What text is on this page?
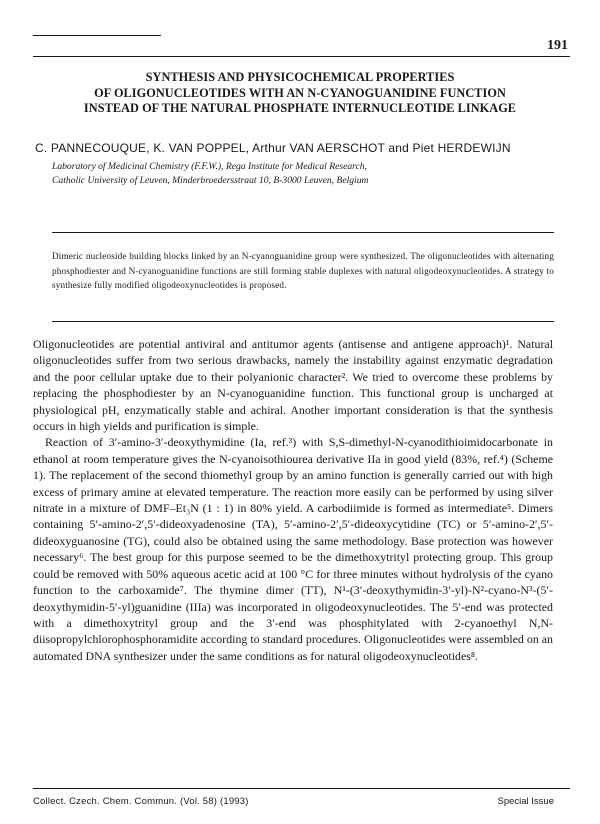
191
SYNTHESIS AND PHYSICOCHEMICAL PROPERTIES
OF OLIGONUCLEOTIDES WITH AN N-CYANOGUANIDINE FUNCTION
INSTEAD OF THE NATURAL PHOSPHATE INTERNUCLEOTIDE LINKAGE
C. PANNECOUQUE, K. VAN POPPEL, Arthur VAN AERSCHOT and Piet HERDEWIJN
Laboratory of Medicinal Chemistry (F.F.W.), Rega Institute for Medical Research,
Catholic University of Leuven, Minderbroedersstraat 10, B-3000 Leuven, Belgium
Dimeric nucleoside building blocks linked by an N-cyanoguanidine group were synthesized. The oligonucleotides with alternating phosphodiester and N-cyanoguanidine functions are still forming stable duplexes with natural oligodeoxynucleotides. A strategy to synthesize fully modified oligodeoxynucleotides is proposed.

Oligonucleotides are potential antiviral and antitumor agents (antisense and antigene approach)¹. Natural oligonucleotides suffer from two serious drawbacks, namely the instability against enzymatic degradation and the poor cellular uptake due to their polyanionic character². We tried to overcome these problems by replacing the phosphodiester by an N-cyanoguanidine function. This functional group is uncharged at physiological pH, enzymatically stable and achiral. Another important consideration is that the synthesis occurs in high yields and purification is simple.

Reaction of 3′-amino-3′-deoxythymidine (Ia, ref.³) with S,S-dimethyl-N-cyanodithioimidocarbonate in ethanol at room temperature gives the N-cyanoisothiourea derivative IIa in good yield (83%, ref.⁴) (Scheme 1). The replacement of the second thiomethyl group by an amino function is generally carried out with high excess of primary amine at elevated temperature. The reaction more easily can be performed by using silver nitrate in a mixture of DMF–Et₃N (1 : 1) in 80% yield. A carbodiimide is formed as intermediate⁵. Dimers containing 5′-amino-2′,5′-dideoxyadenosine (TA), 5′-amino-2′,5′-dideoxycytidine (TC) or 5′-amino-2′,5′-dideoxyguanosine (TG), could also be obtained using the same methodology. Base protection was however necessary⁶. The best group for this purpose seemed to be the dimethoxytrityl protecting group. This group could be removed with 50% aqueous acetic acid at 100 °C for three minutes without hydrolysis of the cyano function to the carboxamide⁷. The thymine dimer (TT), N¹-(3′-deoxythymidin-3′-yl)-N²-cyano-N³-(5′-deoxythymidin-5′-yl)guanidine (IIIa) was incorporated in oligodeoxynucleotides. The 5′-end was protected with a dimethoxytrityl group and the 3′-end was phosphitylated with 2-cyanoethyl N,N-diisopropylchlorophosphoramidite according to standard procedures. Oligonucleotides were assembled on an automated DNA synthesizer under the same conditions as for natural oligodeoxynucleotides⁸.

Collect. Czech. Chem. Commun. (Vol. 58) (1993)	Special Issue
